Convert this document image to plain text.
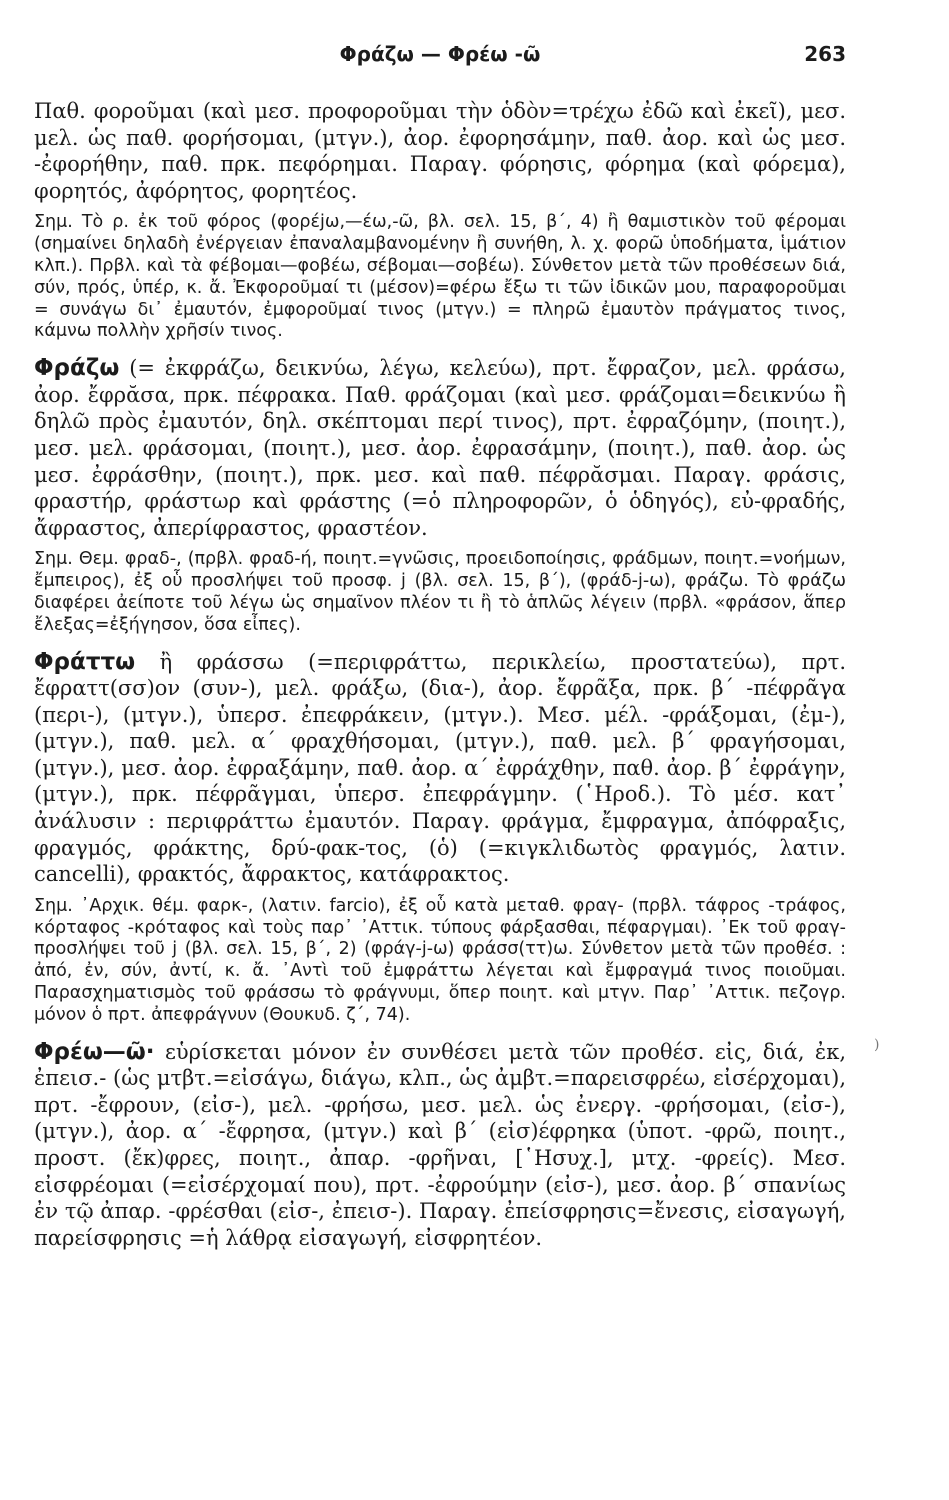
Φράζω — Φρέω -ῶ	263

Παθ. φοροῦμαι (καὶ μεσ. προφοροῦμαι τὴν ὁδὸν=τρέχω ἐδῶ καὶ ἐκεῖ), μεσ. μελ. ὡς παθ. φορήσομαι, (μτγν.), ἀορ. ἐφορησάμην, παθ. ἀορ. καὶ ὡς μεσ. -ἐφορήθην, παθ. πρκ. πεφόρημαι. Παραγ. φόρησις, φόρημα (καὶ φόρεμα), φορητός, ἀφόρητος, φορητέος.

Σημ. Τὸ ρ. ἐκ τοῦ φόρος (φορέjω,—έω,-ῶ, βλ. σελ. 15, β΄, 4) ἢ θαμιστικὸν τοῦ φέρομαι (σημαίνει δηλαδὴ ἐνέργειαν ἐπαναλαμβανομένην ἢ συνήθη, λ. χ. φορῶ ὑποδήματα, ἱμάτιον κλπ.). Πρβλ. καὶ τὰ φέβομαι—φοβέω, σέβομαι—σοβέω). Σύνθετον μετὰ τῶν προθέσεων διά, σύν, πρός, ὑπέρ, κ. ἄ. Ἐκφοροῦμαί τι (μέσον)=φέρω ἔξω τι τῶν ἰδικῶν μου, παραφοροῦμαι = συνάγω δι᾿ ἐμαυτόν, ἐμφοροῦμαί τινος (μτγν.) = πληρῶ ἐμαυτὸν πράγματος τινος, κάμνω πολλὴν χρῆσίν τινος.

Φράζω (= ἐκφράζω, δεικνύω, λέγω, κελεύω), πρτ. ἔφραζον, μελ. φράσω, ἀορ. ἔφρᾰσα, πρκ. πέφρακα. Παθ. φράζομαι (καὶ μεσ. φράζομαι=δεικνύω ἢ δηλῶ πρὸς ἐμαυτόν, δηλ. σκέπτομαι περί τινος), πρτ. ἐφραζόμην, (ποιητ.), μεσ. μελ. φράσομαι, (ποιητ.), μεσ. ἀορ. ἐφρασάμην, (ποιητ.), παθ. ἀορ. ὡς μεσ. ἐφράσθην, (ποιητ.), πρκ. μεσ. καὶ παθ. πέφρᾰσμαι. Παραγ. φράσις, φραστήρ, φράστωρ καὶ φράστης (=ὁ πληροφορῶν, ὁ ὁδηγός), εὐ-φραδής, ἄφραστος, ἀπερίφραστος, φραστέον.

Σημ. Θεμ. φραδ-, (πρβλ. φραδ-ή, ποιητ.=γνῶσις, προειδοποίησις, φράδμων, ποιητ.=νοήμων, ἔμπειρος), ἐξ οὗ προσλήψει τοῦ προσφ. j (βλ. σελ. 15, β΄), (φράδ-j-ω), φράζω. Τὸ φράζω διαφέρει ἀείποτε τοῦ λέγω ὡς σημαῖνον πλέον τι ἢ τὸ ἁπλῶς λέγειν (πρβλ. «φράσον, ἅπερ ἔλεξας=ἐξήγησον, ὅσα εἶπες).

Φράττω ἢ φράσσω (=περιφράττω, περικλείω, προστατεύω), πρτ. ἔφραττ(σσ)ον (συν-), μελ. φράξω, (δια-), ἀορ. ἔφρᾶξα, πρκ. β΄ -πέφρᾶγα (περι-), (μτγν.), ὑπερσ. ἐπεφράκειν, (μτγν.). Μεσ. μέλ. -φράξομαι, (ἐμ-), (μτγν.), παθ. μελ. α΄ φραχθήσομαι, (μτγν.), παθ. μελ. β΄ φραγήσομαι, (μτγν.), μεσ. ἀορ. ἐφραξάμην, παθ. ἀορ. α΄ ἐφράχθην, παθ. ἀορ. β΄ ἐφράγην, (μτγν.), πρκ. πέφρᾶγμαι, ὑπερσ. ἐπεφράγμην. (῾Ηροδ.). Τὸ μέσ. κατ᾿ ἀνάλυσιν : περιφράττω ἐμαυτόν. Παραγ. φράγμα, ἔμφραγμα, ἀπόφραξις, φραγμός, φράκτης, δρύ-φακ-τος, (ὁ) (=κιγκλιδωτὸς φραγμός, λατιν. cancelli), φρακτός, ἄφρακτος, κατάφρακτος.

Σημ. ᾿Αρχικ. θέμ. φαρκ-, (λατιν. farcio), ἐξ οὗ κατὰ μεταθ. φραγ- (πρβλ. τάφρος -τράφος, κόρταφος -κρόταφος καὶ τοὺς παρ᾿ ᾿Αττικ. τύπους φάρξασθαι, πέφαργμαι). ᾿Εκ τοῦ φραγ- προσλήψει τοῦ j (βλ. σελ. 15, β΄, 2) (φράγ-j-ω) φράσσ(ττ)ω. Σύνθετον μετὰ τῶν προθέσ. : ἀπό, ἐν, σύν, ἀντί, κ. ἄ. ᾿Αντὶ τοῦ ἐμφράττω λέγεται καὶ ἔμφραγμά τινος ποιοῦμαι. Παρασχηματισμὸς τοῦ φράσσω τὸ φράγνυμι, ὅπερ ποιητ. καὶ μτγν. Παρ᾿ ᾿Αττικ. πεζογρ. μόνον ὁ πρτ. ἀπεφράγνυν (Θουκυδ. ζ΄, 74).

Φρέω—ῶ· εὑρίσκεται μόνον ἐν συνθέσει μετὰ τῶν προθέσ. εἰς, διά, ἐκ, ἐπεισ.- (ὡς μτβτ.=εἰσάγω, διάγω, κλπ., ὡς ἀμβτ.=παρεισφρέω, εἰσέρχομαι), πρτ. -ἔφρουν, (εἰσ-), μελ. -φρήσω, μεσ. μελ. ὡς ἐνεργ. -φρήσομαι, (εἰσ-), (μτγν.), ἀορ. α΄ -ἔφρησα, (μτγν.) καὶ β΄ (εἰσ)έφρηκα (ὑποτ. -φρῶ, ποιητ., προστ. (ἔκ)φρες, ποιητ., ἀπαρ. -φρῆναι, [῾Ησυχ.], μτχ. -φρείς). Μεσ. εἰσφρέομαι (=εἰσέρχομαί που), πρτ. -ἐφρούμην (εἰσ-), μεσ. ἀορ. β΄ σπανίως ἐν τῷ ἀπαρ. -φρέσθαι (εἰσ-, ἐπεισ-). Παραγ. ἐπείσφρησις=ἔνεσις, εἰσαγωγή, παρείσφρησις =ἡ λάθρᾳ εἰσαγωγή, εἰσφρητέον.

)
